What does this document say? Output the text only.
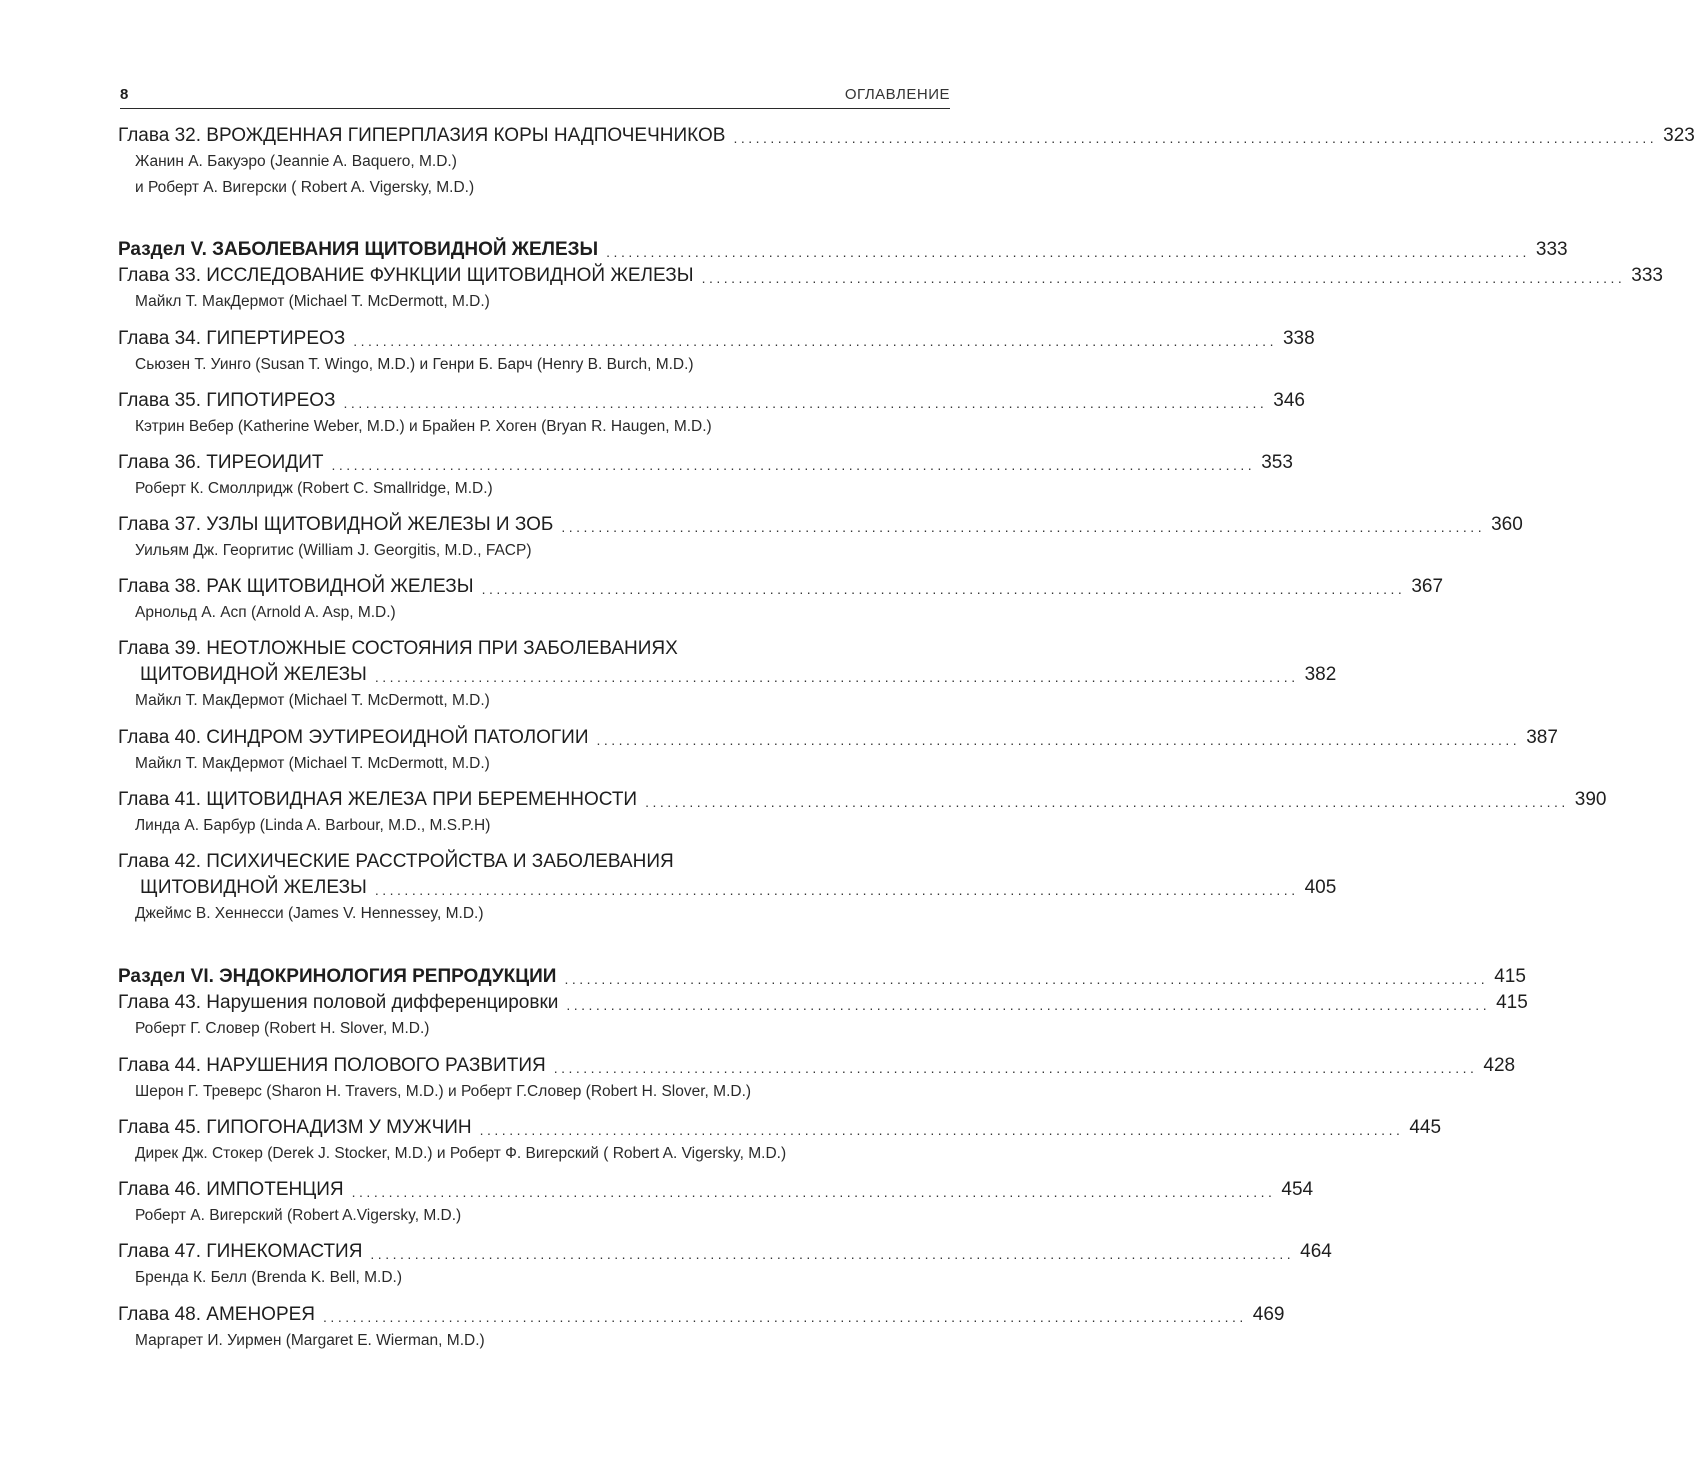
8	ОГЛАВЛЕНИЕ
Глава 32. ВРОЖДЕННАЯ ГИПЕРПЛАЗИЯ КОРЫ НАДПОЧЕЧНИКОВ ............................................................................................................................. 323
Жанин А. Бакуэро (Jeannie A. Baquero, M.D.)
и Роберт А. Вигерски ( Robert A. Vigersky, M.D.)
Раздел V. ЗАБОЛЕВАНИЯ ЩИТОВИДНОЙ ЖЕЛЕЗЫ ............................................................................................................................. 333
Глава 33. ИССЛЕДОВАНИЕ ФУНКЦИИ ЩИТОВИДНОЙ ЖЕЛЕЗЫ ............................................................................................................................. 333
Майкл Т. МакДермот (Michael T. McDermott, M.D.)
Глава 34. ГИПЕРТИРЕОЗ ............................................................................................................................. 338
Сьюзен Т. Уинго (Susan T. Wingo, M.D.) и Генри Б. Барч (Henry B. Burch, M.D.)
Глава 35. ГИПОТИРЕОЗ ............................................................................................................................. 346
Кэтрин Вебер (Katherine Weber, M.D.) и Брайен Р. Хоген (Bryan R. Haugen, M.D.)
Глава 36. ТИРЕОИДИТ ............................................................................................................................. 353
Роберт К. Смоллридж (Robert C. Smallridge, M.D.)
Глава 37. УЗЛЫ ЩИТОВИДНОЙ ЖЕЛЕЗЫ И ЗОБ ............................................................................................................................. 360
Уильям Дж. Георгитис (William J. Georgitis, M.D., FACP)
Глава 38. РАК ЩИТОВИДНОЙ ЖЕЛЕЗЫ ............................................................................................................................. 367
Арнольд А. Асп (Arnold A. Asp, M.D.)
Глава 39. НЕОТЛОЖНЫЕ СОСТОЯНИЯ ПРИ ЗАБОЛЕВАНИЯХ
ЩИТОВИДНОЙ ЖЕЛЕЗЫ ............................................................................................................................. 382
Майкл Т. МакДермот (Michael T. McDermott, M.D.)
Глава 40. СИНДРОМ ЭУТИРЕОИДНОЙ ПАТОЛОГИИ ............................................................................................................................. 387
Майкл Т. МакДермот (Michael T. McDermott, M.D.)
Глава 41. ЩИТОВИДНАЯ ЖЕЛЕЗА ПРИ БЕРЕМЕННОСТИ ............................................................................................................................. 390
Линда А. Барбур (Linda A. Barbour, M.D., M.S.P.H)
Глава 42. ПСИХИЧЕСКИЕ РАССТРОЙСТВА И ЗАБОЛЕВАНИЯ
ЩИТОВИДНОЙ ЖЕЛЕЗЫ ............................................................................................................................. 405
Джеймс В. Хеннесси (James V. Hennessey, M.D.)
Раздел VI. ЭНДОКРИНОЛОГИЯ РЕПРОДУКЦИИ ............................................................................................................................. 415
Глава 43. Нарушения половой дифференцировки ............................................................................................................................. 415
Роберт Г. Словер (Robert H. Slover, M.D.)
Глава 44. НАРУШЕНИЯ ПОЛОВОГО РАЗВИТИЯ ............................................................................................................................. 428
Шерон Г. Треверс (Sharon H. Travers, M.D.) и Роберт Г.Словер (Robert H. Slover, M.D.)
Глава 45. ГИПОГОНАДИЗМ У МУЖЧИН ............................................................................................................................. 445
Дирек Дж. Стокер (Derek J. Stocker, M.D.) и Роберт Ф. Вигерский ( Robert A. Vigersky, M.D.)
Глава 46. ИМПОТЕНЦИЯ ............................................................................................................................. 454
Роберт А. Вигерский (Robert A.Vigersky, M.D.)
Глава 47. ГИНЕКОМАСТИЯ ............................................................................................................................. 464
Бренда К. Белл (Brenda K. Bell, M.D.)
Глава 48. АМЕНОРЕЯ ............................................................................................................................. 469
Маргарет И. Уирмен (Margaret E. Wierman, M.D.)
